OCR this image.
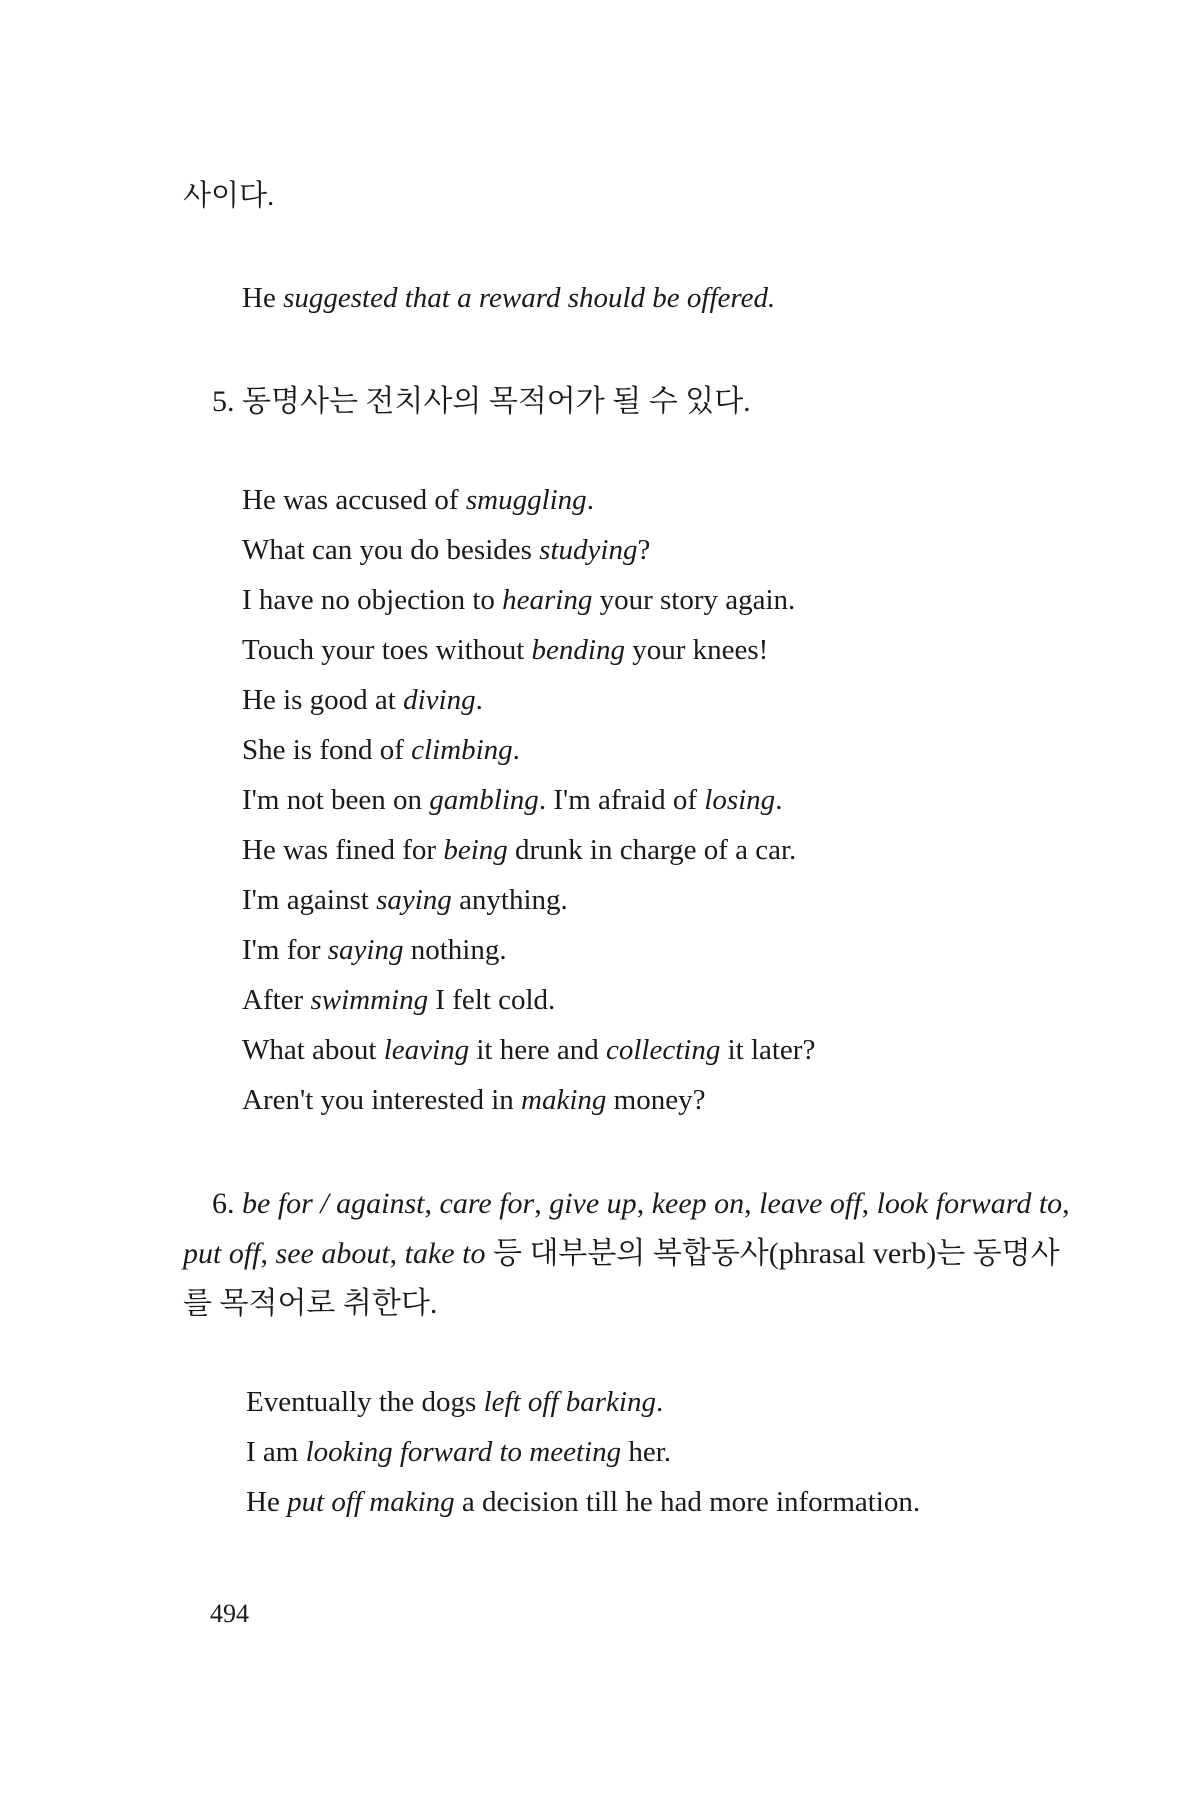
사이다.
He suggested that a reward should be offered.
5. 동명사는 전치사의 목적어가 될 수 있다.
He was accused of smuggling.
What can you do besides studying?
I have no objection to hearing your story again.
Touch your toes without bending your knees!
He is good at diving.
She is fond of climbing.
I'm not been on gambling. I'm afraid of losing.
He was fined for being drunk in charge of a car.
I'm against saying anything.
I'm for saying nothing.
After swimming I felt cold.
What about leaving it here and collecting it later?
Aren't you interested in making money?
6. be for / against, care for, give up, keep on, leave off, look forward to,
put off, see about, take to 등 대부분의 복합동사(phrasal verb)는 동명사
를 목적어로 취한다.
Eventually the dogs left off barking.
I am looking forward to meeting her.
He put off making a decision till he had more information.
494
